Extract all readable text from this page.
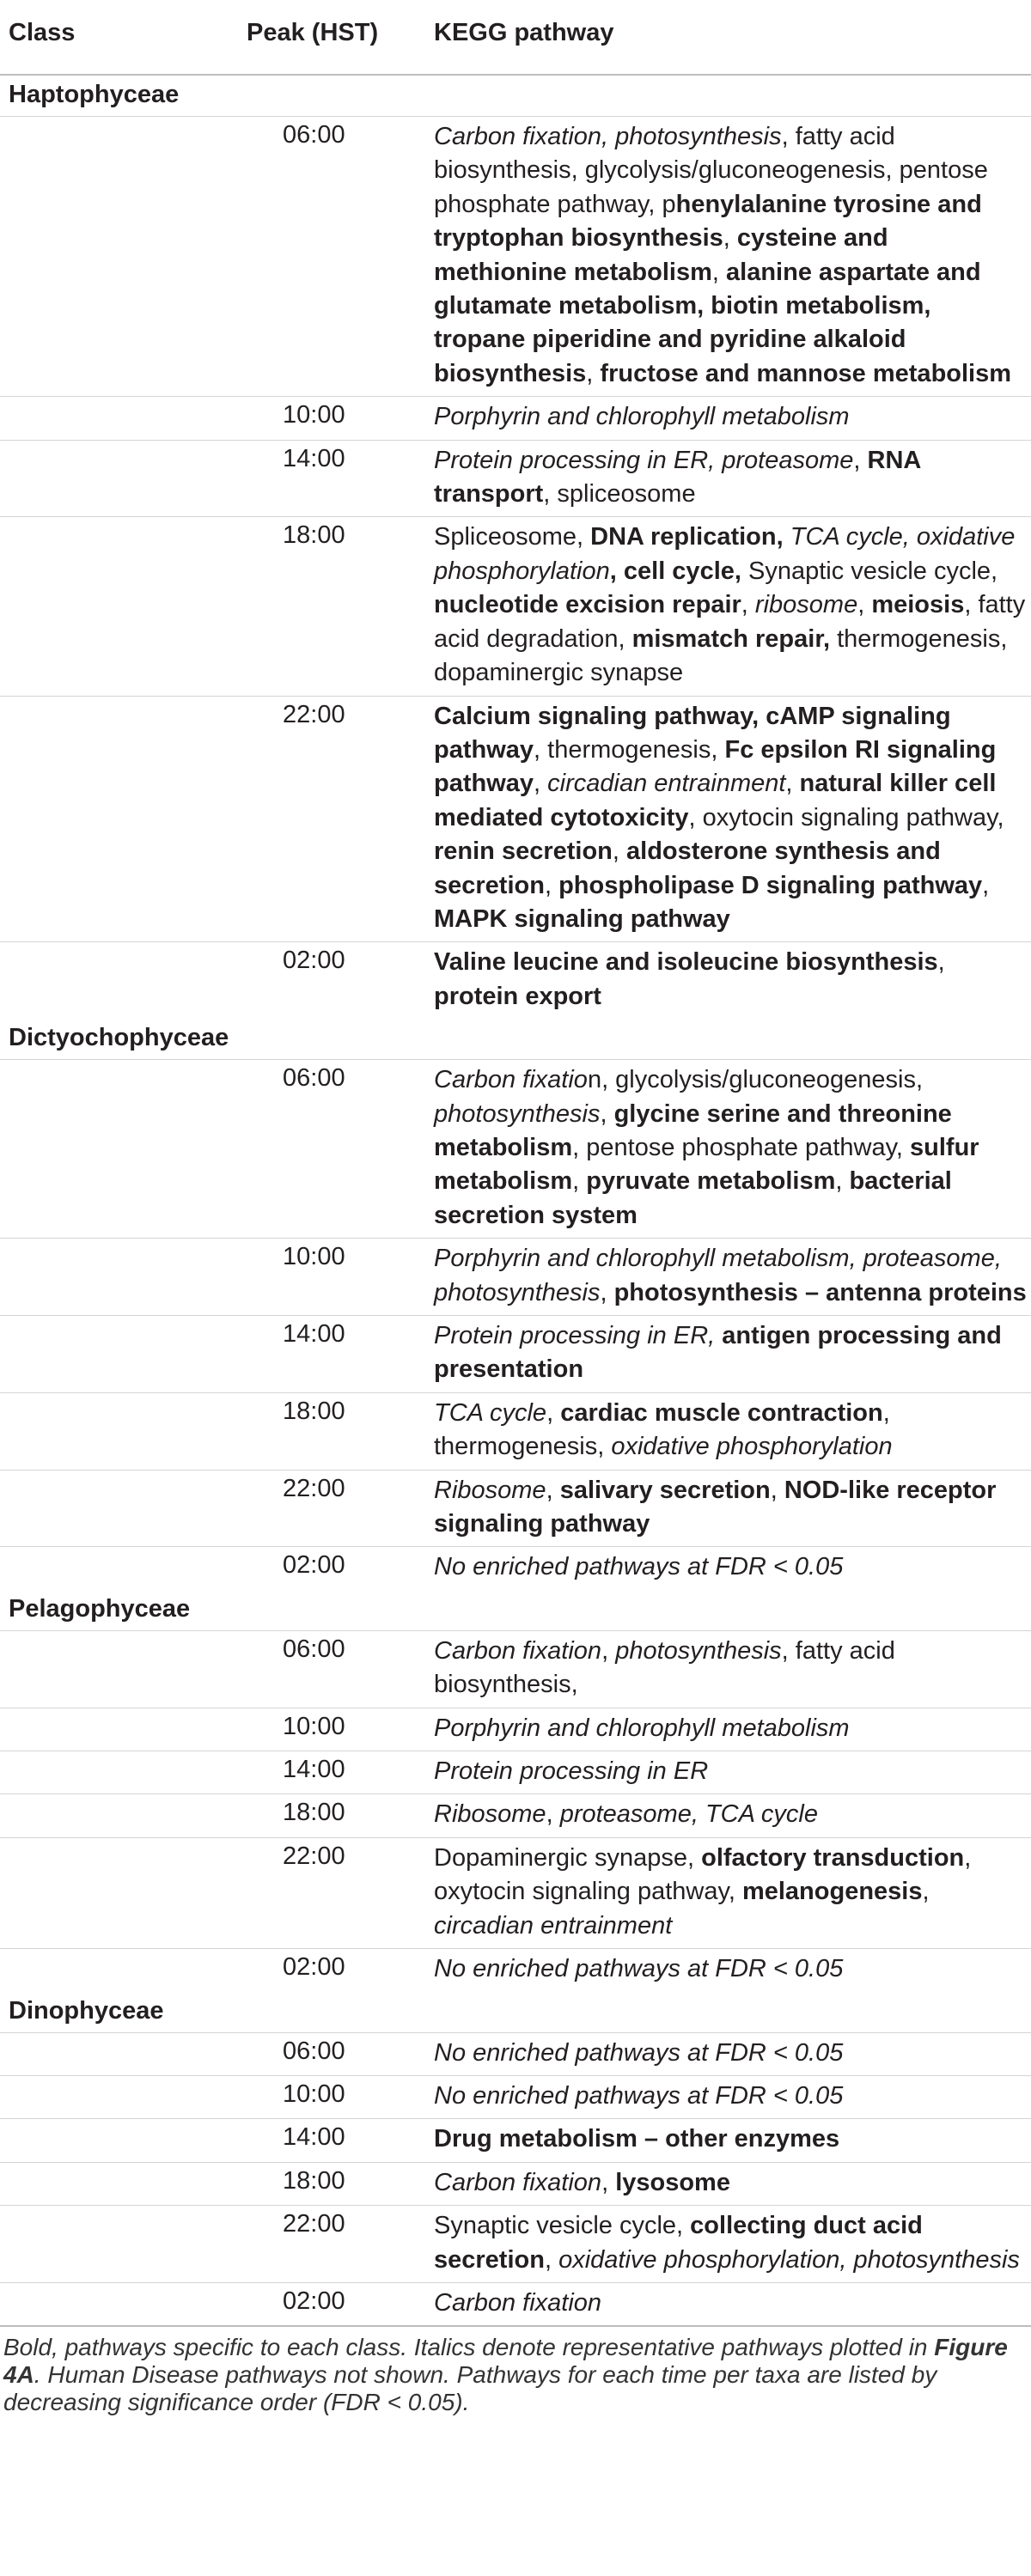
Class	Peak (HST) KEGG pathway
Haptophyceae
06:00	Carbon fixation, photosynthesis, fatty acid biosynthesis, glycolysis/gluconeogenesis, pentose phosphate pathway, phenylalanine tyrosine and tryptophan biosynthesis, cysteine and methionine metabolism, alanine aspartate and glutamate metabolism, biotin metabolism, tropane piperidine and pyridine alkaloid biosynthesis, fructose and mannose metabolism
10:00	Porphyrin and chlorophyll metabolism
14:00	Protein processing in ER, proteasome, RNA transport, spliceosome
18:00	Spliceosome, DNA replication, TCA cycle, oxidative phosphorylation, cell cycle, Synaptic vesicle cycle, nucleotide excision repair, ribosome, meiosis, fatty acid degradation, mismatch repair, thermogenesis, dopaminergic synapse
22:00	Calcium signaling pathway, cAMP signaling pathway, thermogenesis, Fc epsilon RI signaling pathway, circadian entrainment, natural killer cell mediated cytotoxicity, oxytocin signaling pathway, renin secretion, aldosterone synthesis and secretion, phospholipase D signaling pathway, MAPK signaling pathway
02:00	Valine leucine and isoleucine biosynthesis, protein export
Dictyochophyceae
06:00	Carbon fixation, glycolysis/gluconeogenesis, photosynthesis, glycine serine and threonine metabolism, pentose phosphate pathway, sulfur metabolism, pyruvate metabolism, bacterial secretion system
10:00	Porphyrin and chlorophyll metabolism, proteasome, photosynthesis, photosynthesis – antenna proteins
14:00	Protein processing in ER, antigen processing and presentation
18:00	TCA cycle, cardiac muscle contraction, thermogenesis, oxidative phosphorylation
22:00	Ribosome, salivary secretion, NOD-like receptor signaling pathway
02:00	No enriched pathways at FDR < 0.05
Pelagophyceae
06:00	Carbon fixation, photosynthesis, fatty acid biosynthesis,
10:00	Porphyrin and chlorophyll metabolism
14:00	Protein processing in ER
18:00	Ribosome, proteasome, TCA cycle
22:00	Dopaminergic synapse, olfactory transduction, oxytocin signaling pathway, melanogenesis, circadian entrainment
02:00	No enriched pathways at FDR < 0.05
Dinophyceae
06:00	No enriched pathways at FDR < 0.05
10:00	No enriched pathways at FDR < 0.05
14:00	Drug metabolism – other enzymes
18:00	Carbon fixation, lysosome
22:00	Synaptic vesicle cycle, collecting duct acid secretion, oxidative phosphorylation, photosynthesis
02:00	Carbon fixation
Bold, pathways specific to each class. Italics denote representative pathways plotted in Figure 4A. Human Disease pathways not shown. Pathways for each time per taxa are listed by decreasing significance order (FDR < 0.05).
